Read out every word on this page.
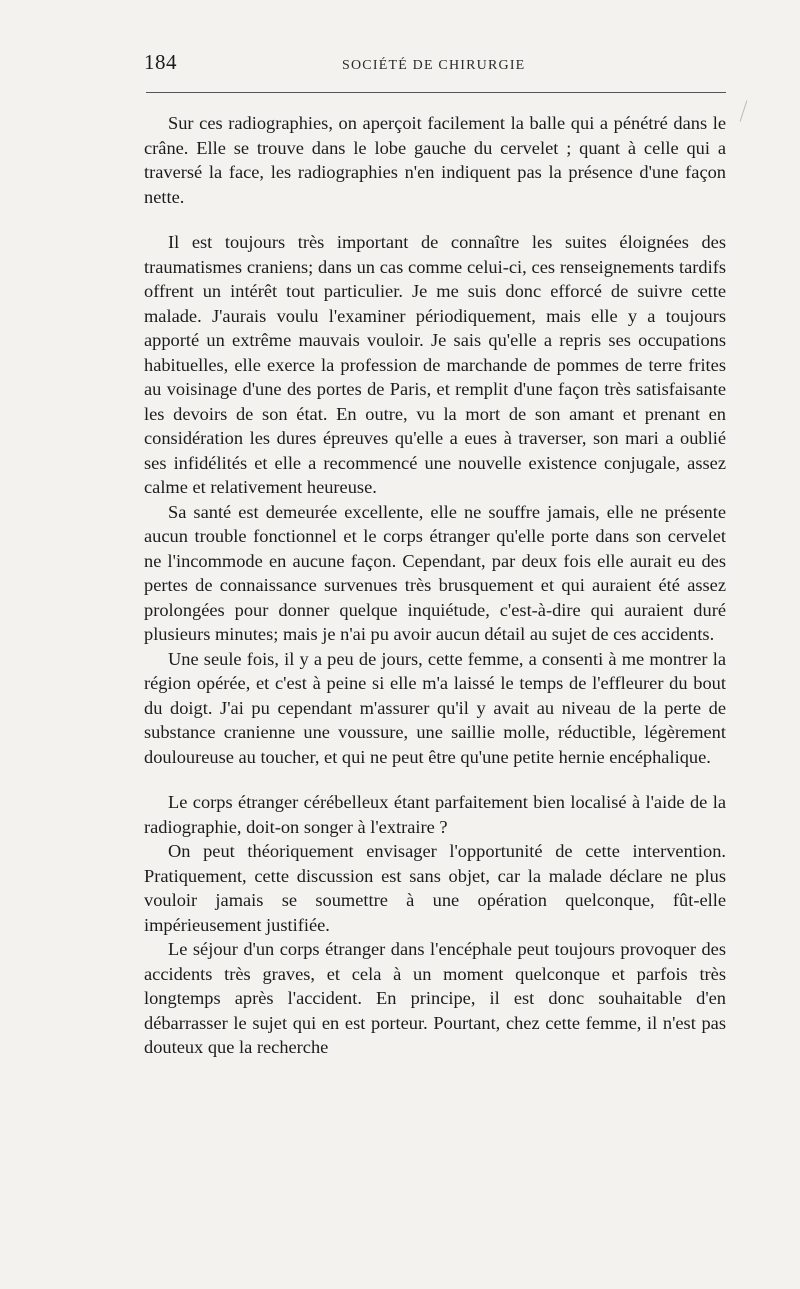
184	SOCIÉTÉ DE CHIRURGIE

Sur ces radiographies, on aperçoit facilement la balle qui a pénétré dans le crâne. Elle se trouve dans le lobe gauche du cervelet ; quant à celle qui a traversé la face, les radiographies n'en indiquent pas la présence d'une façon nette.

Il est toujours très important de connaître les suites éloignées des traumatismes craniens; dans un cas comme celui-ci, ces renseignements tardifs offrent un intérêt tout particulier. Je me suis donc efforcé de suivre cette malade. J'aurais voulu l'examiner périodiquement, mais elle y a toujours apporté un extrême mauvais vouloir. Je sais qu'elle a repris ses occupations habituelles, elle exerce la profession de marchande de pommes de terre frites au voisinage d'une des portes de Paris, et remplit d'une façon très satisfaisante les devoirs de son état. En outre, vu la mort de son amant et prenant en considération les dures épreuves qu'elle a eues à traverser, son mari a oublié ses infidélités et elle a recommencé une nouvelle existence conjugale, assez calme et relativement heureuse.

Sa santé est demeurée excellente, elle ne souffre jamais, elle ne présente aucun trouble fonctionnel et le corps étranger qu'elle porte dans son cervelet ne l'incommode en aucune façon. Cependant, par deux fois elle aurait eu des pertes de connaissance survenues très brusquement et qui auraient été assez prolongées pour donner quelque inquiétude, c'est-à-dire qui auraient duré plusieurs minutes; mais je n'ai pu avoir aucun détail au sujet de ces accidents.

Une seule fois, il y a peu de jours, cette femme, a consenti à me montrer la région opérée, et c'est à peine si elle m'a laissé le temps de l'effleurer du bout du doigt. J'ai pu cependant m'assurer qu'il y avait au niveau de la perte de substance cranienne une voussure, une saillie molle, réductible, légèrement douloureuse au toucher, et qui ne peut être qu'une petite hernie encéphalique.

Le corps étranger cérébelleux étant parfaitement bien localisé à l'aide de la radiographie, doit-on songer à l'extraire ?

On peut théoriquement envisager l'opportunité de cette intervention. Pratiquement, cette discussion est sans objet, car la malade déclare ne plus vouloir jamais se soumettre à une opération quelconque, fût-elle impérieusement justifiée.

Le séjour d'un corps étranger dans l'encéphale peut toujours provoquer des accidents très graves, et cela à un moment quelconque et parfois très longtemps après l'accident. En principe, il est donc souhaitable d'en débarrasser le sujet qui en est porteur. Pourtant, chez cette femme, il n'est pas douteux que la recherche
